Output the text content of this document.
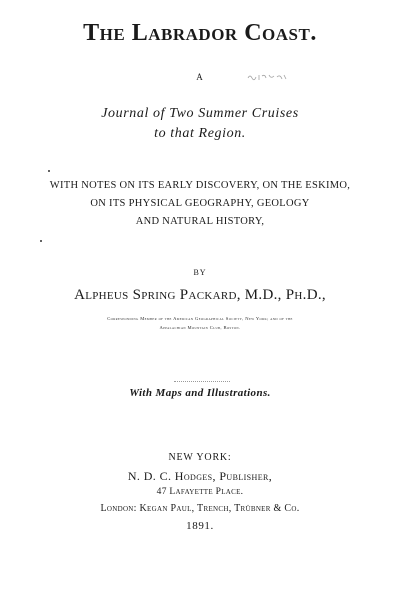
The Labrador Coast.

A

Journal of Two Summer Cruises

to that Region.

WITH NOTES ON ITS EARLY DISCOVERY, ON THE ESKIMO,

ON ITS PHYSICAL GEOGRAPHY, GEOLOGY

AND NATURAL HISTORY,

BY

Alpheus Spring Packard, M.D., Ph.D.,

Corresponding Member of the American Geographical Society, New York; and of the

Appalachian Mountain Club, Boston.

With Maps and Illustrations.

NEW YORK:

N. D. C. Hodges, Publisher,

47 Lafayette Place.

London: Kegan Paul, Trench, Trübner & Co.

1891.
